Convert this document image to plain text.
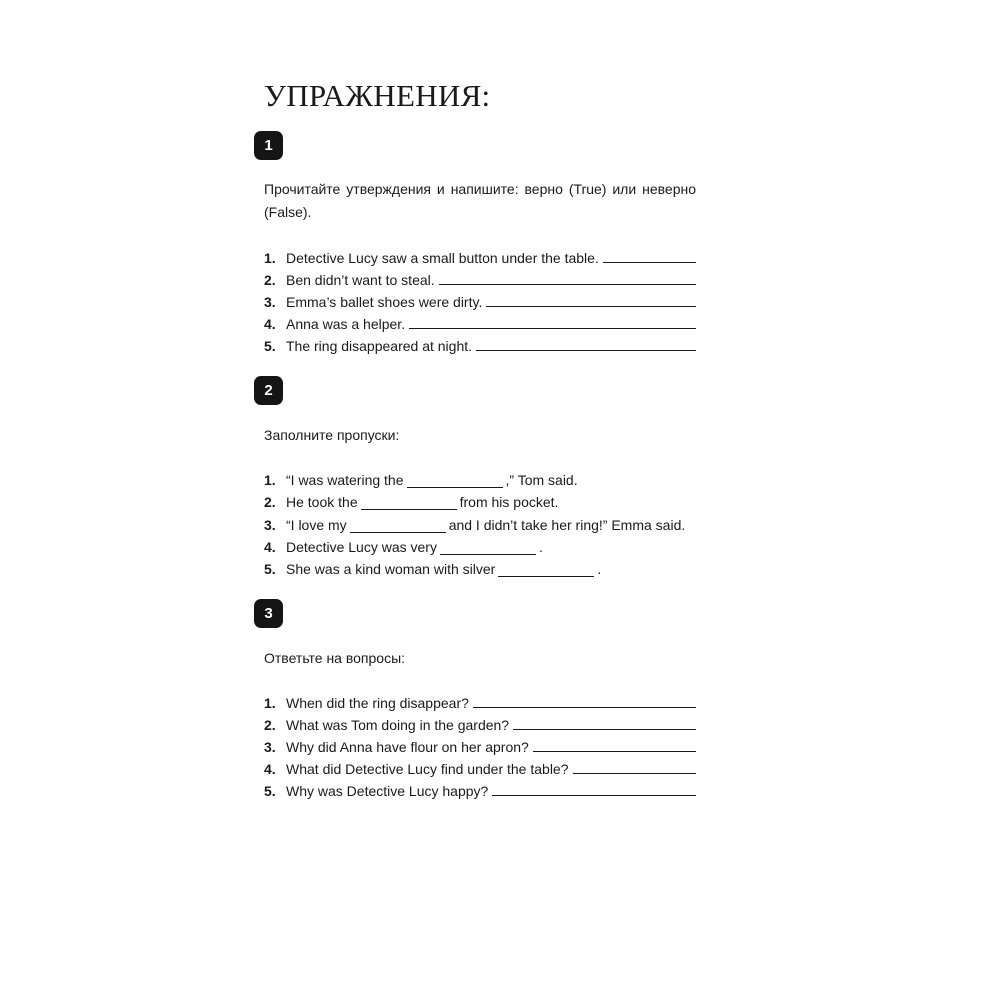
УПРАЖНЕНИЯ:
1
Прочитайте утверждения и напишите: верно (True) или неверно (False).
1. Detective Lucy saw a small button under the table.
2. Ben didn’t want to steal.
3. Emma’s ballet shoes were dirty.
4. Anna was a helper.
5. The ring disappeared at night.
2
Заполните пропуски:
1. “I was watering the	,” Tom said.
2. He took the	from his pocket.
3. “I love my	and I didn’t take her ring!” Emma said.
4. Detective Lucy was very	.
5. She was a kind woman with silver	.
3
Ответьте на вопросы:
1. When did the ring disappear?
2. What was Tom doing in the garden?
3. Why did Anna have flour on her apron?
4. What did Detective Lucy find under the table?
5. Why was Detective Lucy happy?
